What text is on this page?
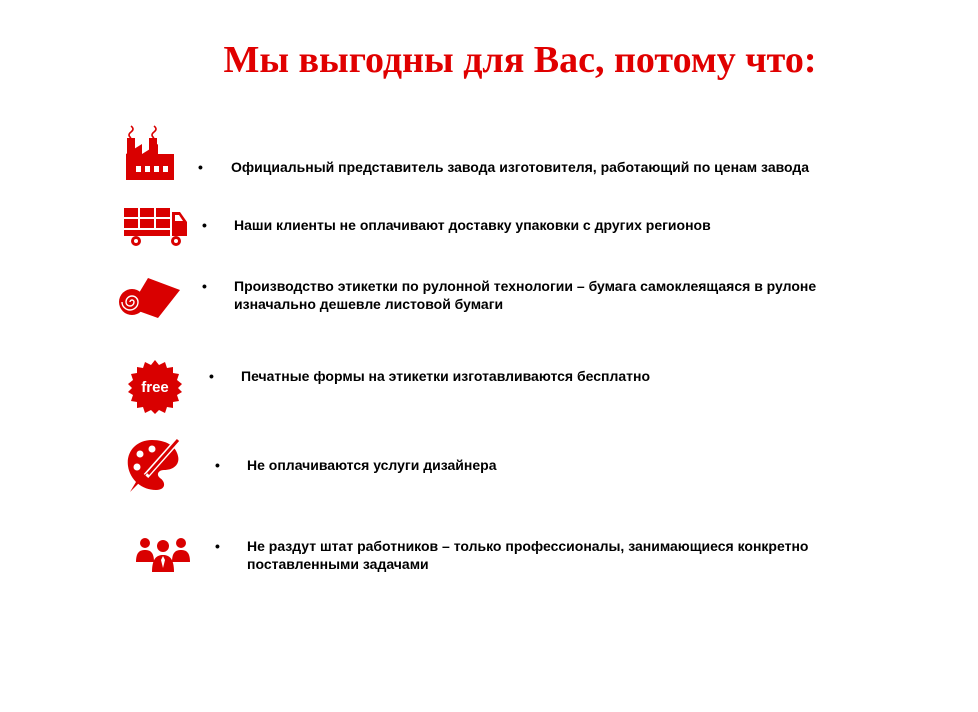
Мы выгодны для Вас, потому что:
• Официальный представитель завода изготовителя, работающий по ценам завода
• Наши клиенты не оплачивают доставку упаковки с других регионов
• Производство этикетки по рулонной технологии – бумага самоклеящаяся в рулоне изначально дешевле листовой бумаги
free
• Печатные формы на этикетки изготавливаются бесплатно
• Не оплачиваются услуги дизайнера
• Не раздут штат работников – только профессионалы, занимающиеся конкретно поставленными задачами
